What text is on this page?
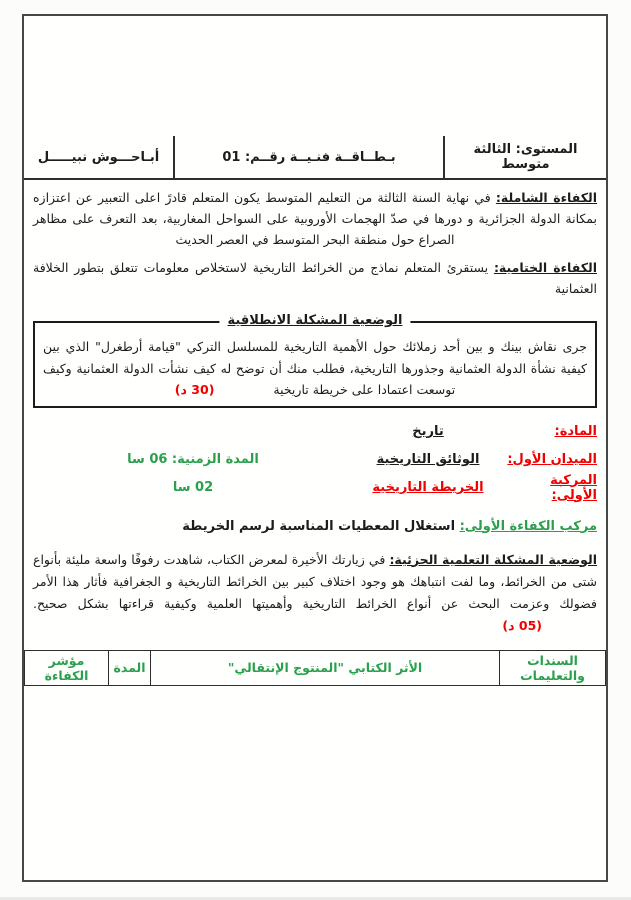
المستوى: الثالثة متوسط
بـطــاقــة فنـيــة رقــم: 01
أبـاحـــوش نبيـــــل

الكفاءة الشاملة: في نهاية السنة الثالثة من التعليم المتوسط يكون المتعلم قادرً اعلى التعبير عن اعتزازه بمكانة الدولة الجزائرية و دورها في صدّ الهجمات الأوروبية على السواحل المغاربية، بعد التعرف على مظاهر الصراع حول منطقة البحر المتوسط في العصر الحديث

الكفاءة الختامية: يستقرئ المتعلم نماذج من الخرائط التاريخية لاستخلاص معلومات تتعلق بتطور الخلافة العثمانية

الوضعية المشكلة الانطلاقية

جرى نقاش بينك و بين أحد زملائك حول الأهمية التاريخية للمسلسل التركي "قيامة أرطغرل" الذي بين كيفية نشأة الدولة العثمانية وجذورها التاريخية، فطلب منك أن توضح له كيف نشأت الدولة العثمانية وكيف توسعت اعتمادا على خريطة تاريخية (30 د)

المادة:
تاريخ
الميدان الأول:
الوثائق التاريخية
المدة الزمنية: 06 سا
المركبة الأولى:
الخريطة التاريخية
02 سا

مركب الكفاءة الأولى: استغلال المعطيات المناسبة لرسم الخريطة

الوضعية المشكلة التعلمية الجزئية: في زيارتك الأخيرة لمعرض الكتاب، شاهدت رفوفًا واسعة مليئة بأنواع شتى من الخرائط، وما لفت انتباهك هو وجود اختلاف كبير بين الخرائط التاريخية و الجغرافية فأثار هذا الأمر فضولك وعزمت البحث عن أنواع الخرائط التاريخية وأهميتها العلمية وكيفية قراءتها بشكل صحيح. (05 د)

السندات والتعليمات	الأثر الكتابي "المنتوج الإنتقالي"	المدة	مؤشر الكفاءة
